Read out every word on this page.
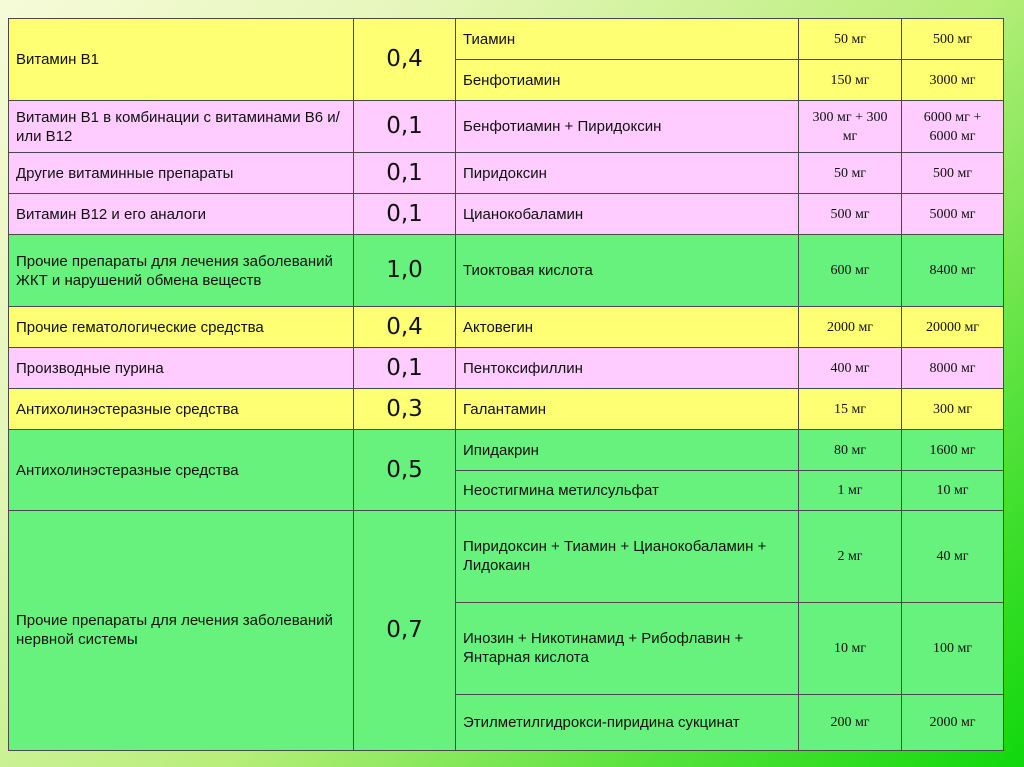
Витамин В1	0,4	Тиамин	50 мг	500 мг
		Бенфотиамин	150 мг	3000 мг
Витамин В1 в комбинации с витаминами В6 и/или В12	0,1	Бенфотиамин + Пиридоксин	300 мг + 300 мг	6000 мг + 6000 мг
Другие витаминные препараты	0,1	Пиридоксин	50 мг	500 мг
Витамин В12 и его аналоги	0,1	Цианокобаламин	500 мг	5000 мг
Прочие препараты для лечения заболеваний ЖКТ и нарушений обмена веществ	1,0	Тиоктовая кислота	600 мг	8400 мг
Прочие гематологические средства	0,4	Актовегин	2000 мг	20000 мг
Производные пурина	0,1	Пентоксифиллин	400 мг	8000 мг
Антихолинэстеразные средства	0,3	Галантамин	15 мг	300 мг
Антихолинэстеразные средства	0,5	Ипидакрин	80 мг	1600 мг
		Неостигмина метилсульфат	1 мг	10 мг
Прочие препараты для лечения заболеваний нервной системы	0,7	Пиридоксин + Тиамин + Цианокобаламин + Лидокаин	2 мг	40 мг
		Инозин + Никотинамид + Рибофлавин + Янтарная кислота	10 мг	100 мг
		Этилметилгидрокси-пиридина сукцинат	200 мг	2000 мг
